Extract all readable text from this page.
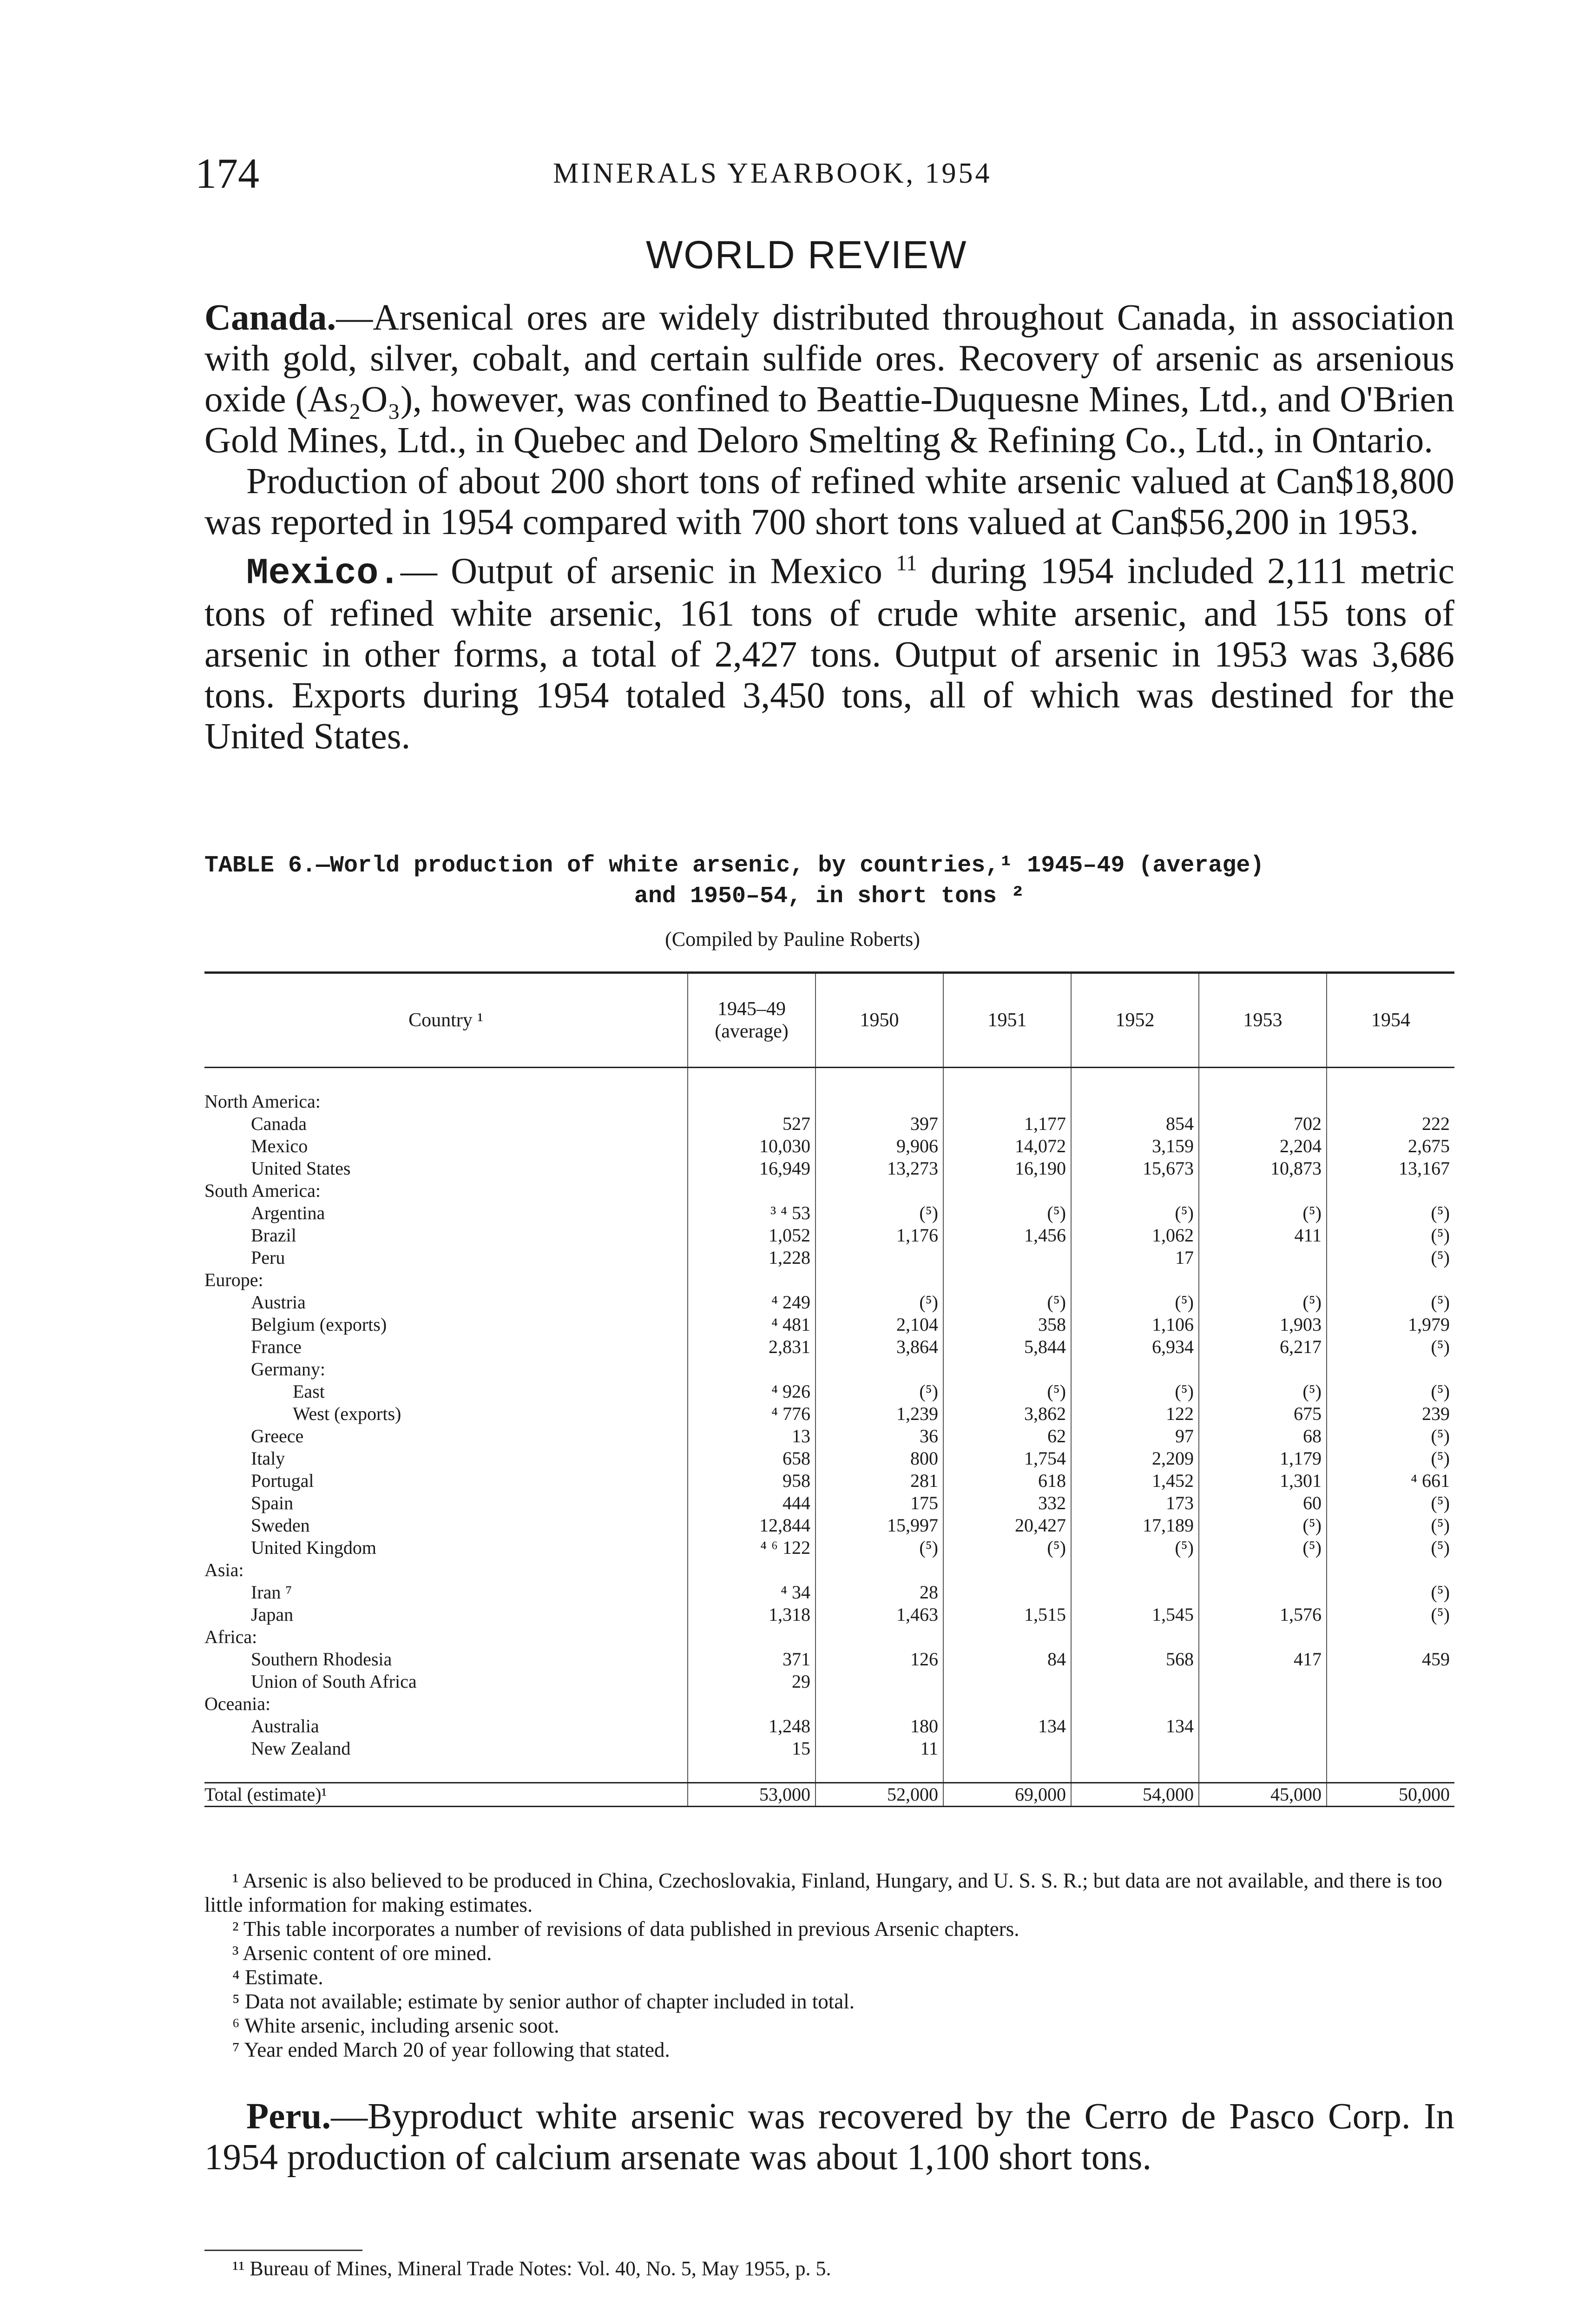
174	MINERALS YEARBOOK, 1954
WORLD REVIEW

Canada.—Arsenical ores are widely distributed throughout Canada, in association with gold, silver, cobalt, and certain sulfide ores. Recovery of arsenic as arsenious oxide (As₂O₃), however, was confined to Beattie-Duquesne Mines, Ltd., and O'Brien Gold Mines, Ltd., in Quebec and Deloro Smelting & Refining Co., Ltd., in Ontario.

Production of about 200 short tons of refined white arsenic valued at Can$18,800 was reported in 1954 compared with 700 short tons valued at Can$56,200 in 1953.

Mexico.— Output of arsenic in Mexico $^{11}$ during 1954 included 2,111 metric tons of refined white arsenic, 161 tons of crude white arsenic, and 155 tons of arsenic in other forms, a total of 2,427 tons. Output of arsenic in 1953 was 3,686 tons. Exports during 1954 totaled 3,450 tons, all of which was destined for the United States.

TABLE 6.—World production of white arsenic, by countries,¹ 1945–49 (average)
and 1950–54, in short tons ²

(Compiled by Pauline Roberts)
Country ¹	1945–49 (average)	1950	1951	1952	1953	1954

North America:						
Canada	527	397	1,177	854	702	222
Mexico	10,030	9,906	14,072	3,159	2,204	2,675
United States	16,949	13,273	16,190	15,673	10,873	13,167
South America:						
Argentina	³ ⁴ 53	(⁵)	(⁵)	(⁵)	(⁵)	(⁵)
Brazil	1,052	1,176	1,456	1,062	411	(⁵)
Peru	1,228			17		(⁵)
Europe:						
Austria	⁴ 249	(⁵)	(⁵)	(⁵)	(⁵)	(⁵)
Belgium (exports)	⁴ 481	2,104	358	1,106	1,903	1,979
France	2,831	3,864	5,844	6,934	6,217	(⁵)
Germany:						
East	⁴ 926	(⁵)	(⁵)	(⁵)	(⁵)	(⁵)
West (exports)	⁴ 776	1,239	3,862	122	675	239
Greece	13	36	62	97	68	(⁵)
Italy	658	800	1,754	2,209	1,179	(⁵)
Portugal	958	281	618	1,452	1,301	⁴ 661
Spain	444	175	332	173	60	(⁵)
Sweden	12,844	15,997	20,427	17,189	(⁵)	(⁵)
United Kingdom	⁴ ⁶ 122	(⁵)	(⁵)	(⁵)	(⁵)	(⁵)
Asia:						
Iran ⁷	⁴ 34	28				(⁵)
Japan	1,318	1,463	1,515	1,545	1,576	(⁵)
Africa:						
Southern Rhodesia	371	126	84	568	417	459
Union of South Africa	29					
Oceania:						
Australia	1,248	180	134	134		
New Zealand	15	11				

Total (estimate)¹	53,000	52,000	69,000	54,000	45,000	50,000
¹ Arsenic is also believed to be produced in China, Czechoslovakia, Finland, Hungary, and U. S. S. R.; but data are not available, and there is too little information for making estimates.
² This table incorporates a number of revisions of data published in previous Arsenic chapters.
³ Arsenic content of ore mined.
⁴ Estimate.
⁵ Data not available; estimate by senior author of chapter included in total.
⁶ White arsenic, including arsenic soot.
⁷ Year ended March 20 of year following that stated.

Peru.—Byproduct white arsenic was recovered by the Cerro de Pasco Corp. In 1954 production of calcium arsenate was about 1,100 short tons.

¹¹ Bureau of Mines, Mineral Trade Notes: Vol. 40, No. 5, May 1955, p. 5.
